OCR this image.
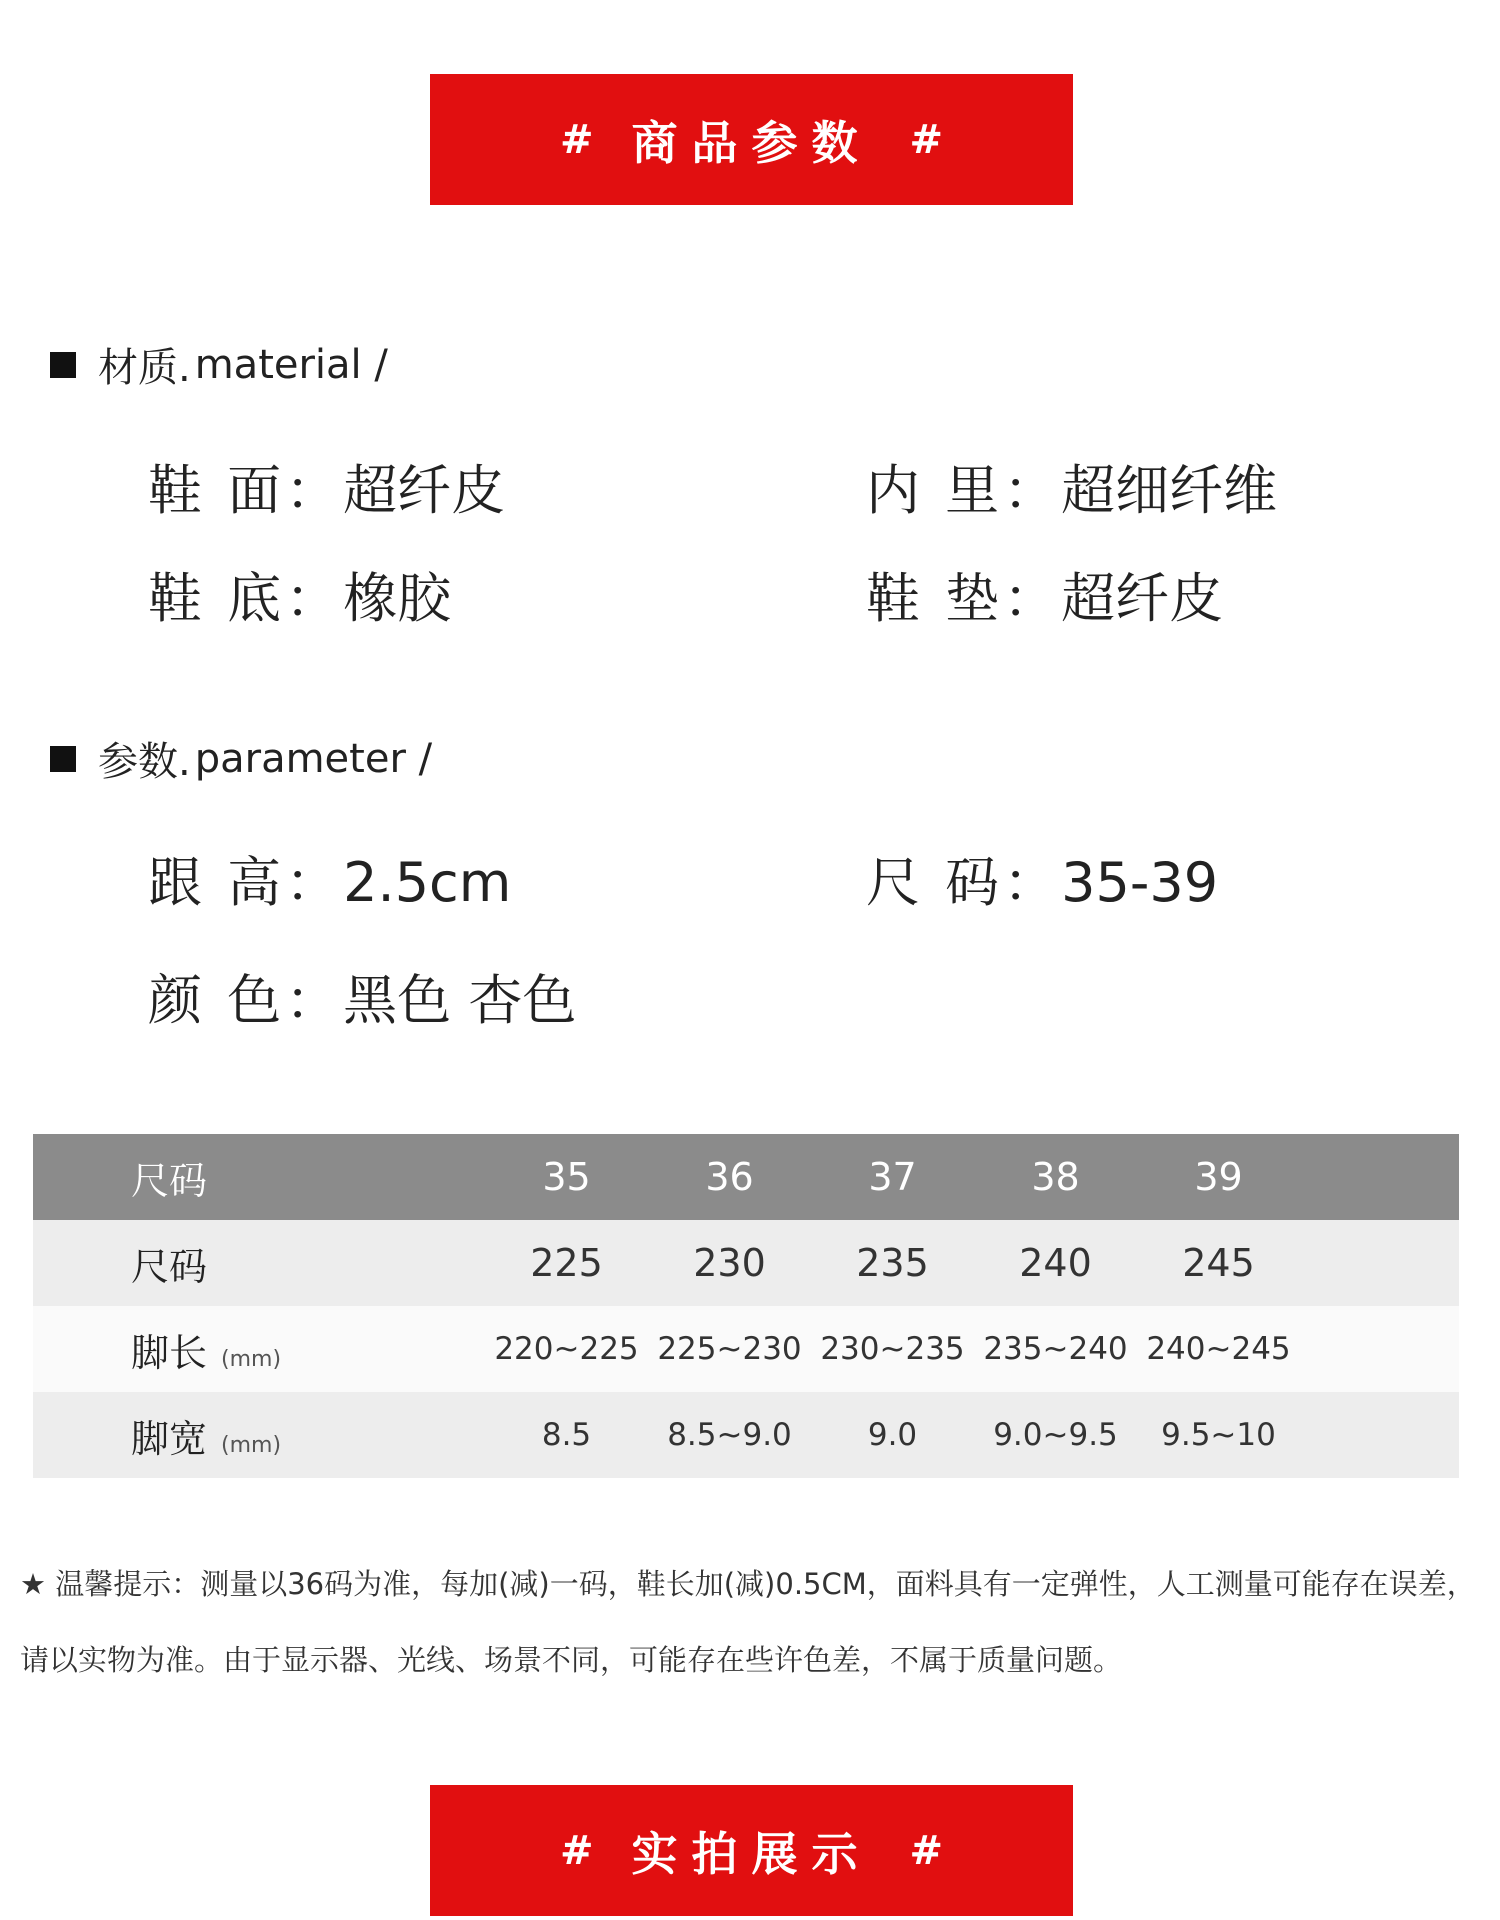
# 商品参数 #
材质. material /
鞋 面：超纤皮	内 里：超细纤维
鞋 底：橡胶	鞋 垫：超纤皮
参数. parameter /
跟 高：2.5cm	尺 码：35-39
颜 色：黑色 杏色
尺码	35	36	37	38	39
尺码	225	230	235	240	245
脚长 (mm)	220~225 225~230 230~235 235~240 240~245
脚宽 (mm)	8.5	8.5~9.0	9.0	9.0~9.5	9.5~10
★ 温馨提示：测量以36码为准，每加(减)一码，鞋长加(减)0.5CM，面料具有一定弹性，人工测量可能存在误差，请以实物为准。由于显示器、光线、场景不同，可能存在些许色差，不属于质量问题。
# 实拍展示 #
